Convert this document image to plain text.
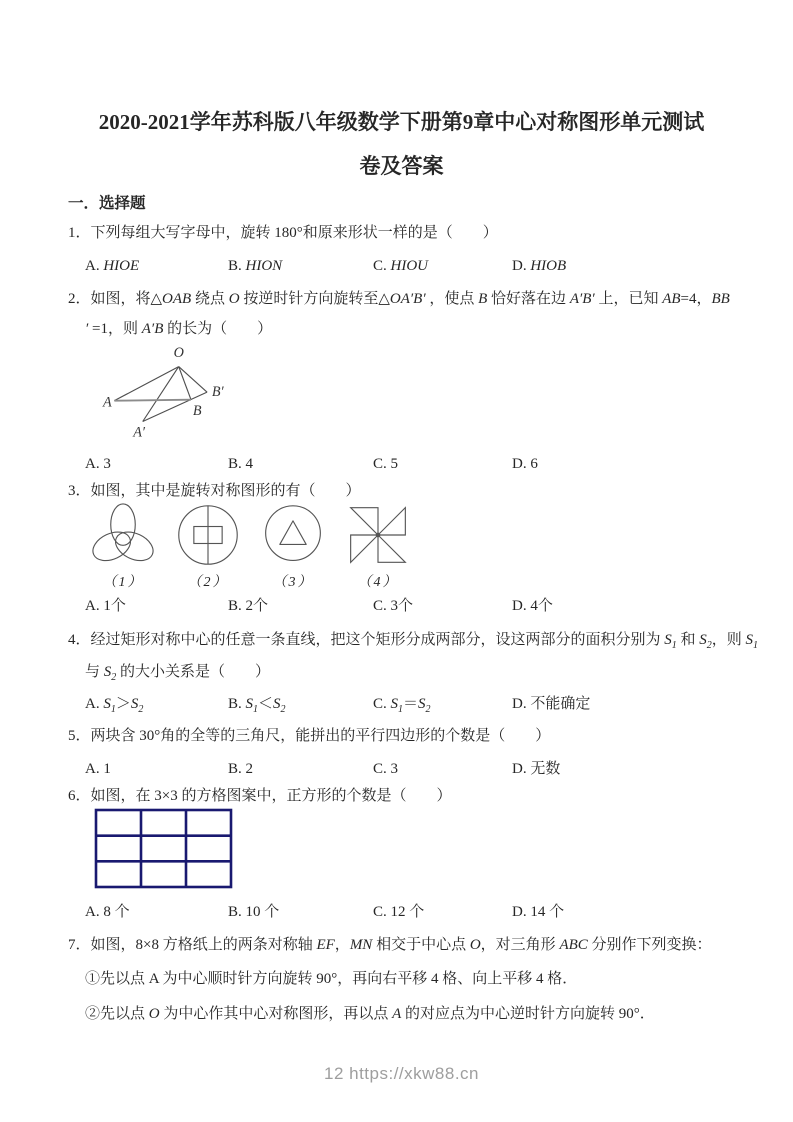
2020-2021学年苏科版八年级数学下册第9章中心对称图形单元测试
卷及答案
一．选择题
1．下列每组大写字母中，旋转 180°和原来形状一样的是（　　）
A. HIOE	B. HION	C. HIOU	D. HIOB
2．如图，将△OAB 绕点 O 按逆时针方向旋转至△OA′B′ ，使点 B 恰好落在边 A′B′ 上，已知 AB=4，BB
′ =1，则 A′B 的长为（　　）
O
A
B
B′
A′
A. 3	B. 4	C. 5	D. 6
3．如图，其中是旋转对称图形的有（　　）
（1）	（2）	（3）	（4）
A. 1个	B. 2个	C. 3个	D. 4个
4．经过矩形对称中心的任意一条直线，把这个矩形分成两部分，设这两部分的面积分别为 $S_1$ 和 $S_2$，则 $S_1$
与 $S_2$ 的大小关系是（　　）
A. $S_1>S_2$	B. $S_1<S_2$	C. $S_1=S_2$	D. 不能确定
5．两块含 30°角的全等的三角尺，能拼出的平行四边形的个数是（　　）
A. 1	B. 2	C. 3	D. 无数
6．如图，在 3×3 的方格图案中，正方形的个数是（　　）
A. 8 个	B. 10 个	C. 12 个	D. 14 个
7．如图，8×8 方格纸上的两条对称轴 EF，MN 相交于中心点 O，对三角形 ABC 分别作下列变换：
①先以点 A 为中心顺时针方向旋转 90°，再向右平移 4 格、向上平移 4 格．
②先以点 O 为中心作其中心对称图形，再以点 A 的对应点为中心逆时针方向旋转 90°．
12 https://xkw88.cn
